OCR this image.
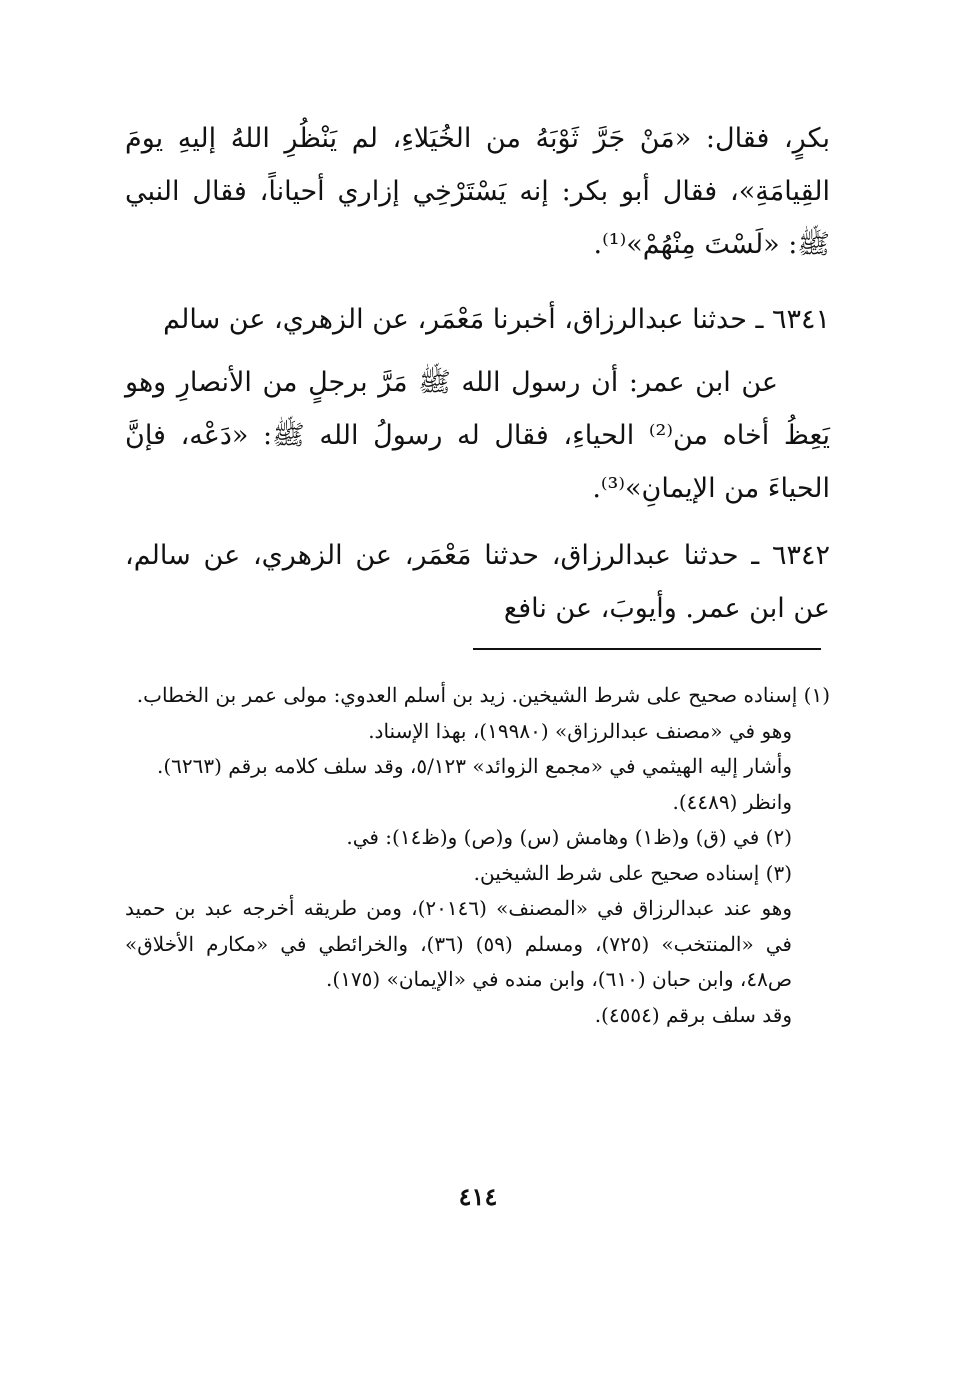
بكرٍ، فقال: «مَنْ جَرَّ ثَوْبَهُ من الخُيَلاءِ، لم يَنْظُرِ اللهُ إليهِ يومَ القِيامَةِ»، فقال أبو بكر: إنه يَسْتَرْخِي إزاري أحياناً، فقال النبي ﷺ: «لَسْتَ مِنْهُمْ»⁽¹⁾.

٦٣٤١ ـ حدثنا عبدالرزاق، أخبرنا مَعْمَر، عن الزهري، عن سالم

عن ابن عمر: أن رسول الله ﷺ مَرَّ برجلٍ من الأنصارِ وهو يَعِظُ أخاه من⁽²⁾ الحياءِ، فقال له رسولُ الله ﷺ: «دَعْه، فإنَّ الحياءَ من الإيمانِ»⁽³⁾.

٦٣٤٢ ـ حدثنا عبدالرزاق، حدثنا مَعْمَر، عن الزهري، عن سالم، عن ابن عمر. وأيوبَ، عن نافع

(١) إسناده صحيح على شرط الشيخين. زيد بن أسلم العدوي: مولى عمر بن الخطاب.

وهو في «مصنف عبدالرزاق» (١٩٩٨٠)، بهذا الإسناد.

وأشار إليه الهيثمي في «مجمع الزوائد» ٥/١٢٣، وقد سلف كلامه برقم (٦٢٦٣).

وانظر (٤٤٨٩).

(٢) في (ق) و(ظ١) وهامش (س) و(ص) و(ظ١٤): في.

(٣) إسناده صحيح على شرط الشيخين.

وهو عند عبدالرزاق في «المصنف» (٢٠١٤٦)، ومن طريقه أخرجه عبد بن حميد في «المنتخب» (٧٢٥)، ومسلم (٥٩) (٣٦)، والخرائطي في «مكارم الأخلاق» ص٤٨، وابن حبان (٦١٠)، وابن منده في «الإيمان» (١٧٥).

وقد سلف برقم (٤٥٥٤).

٤١٤
